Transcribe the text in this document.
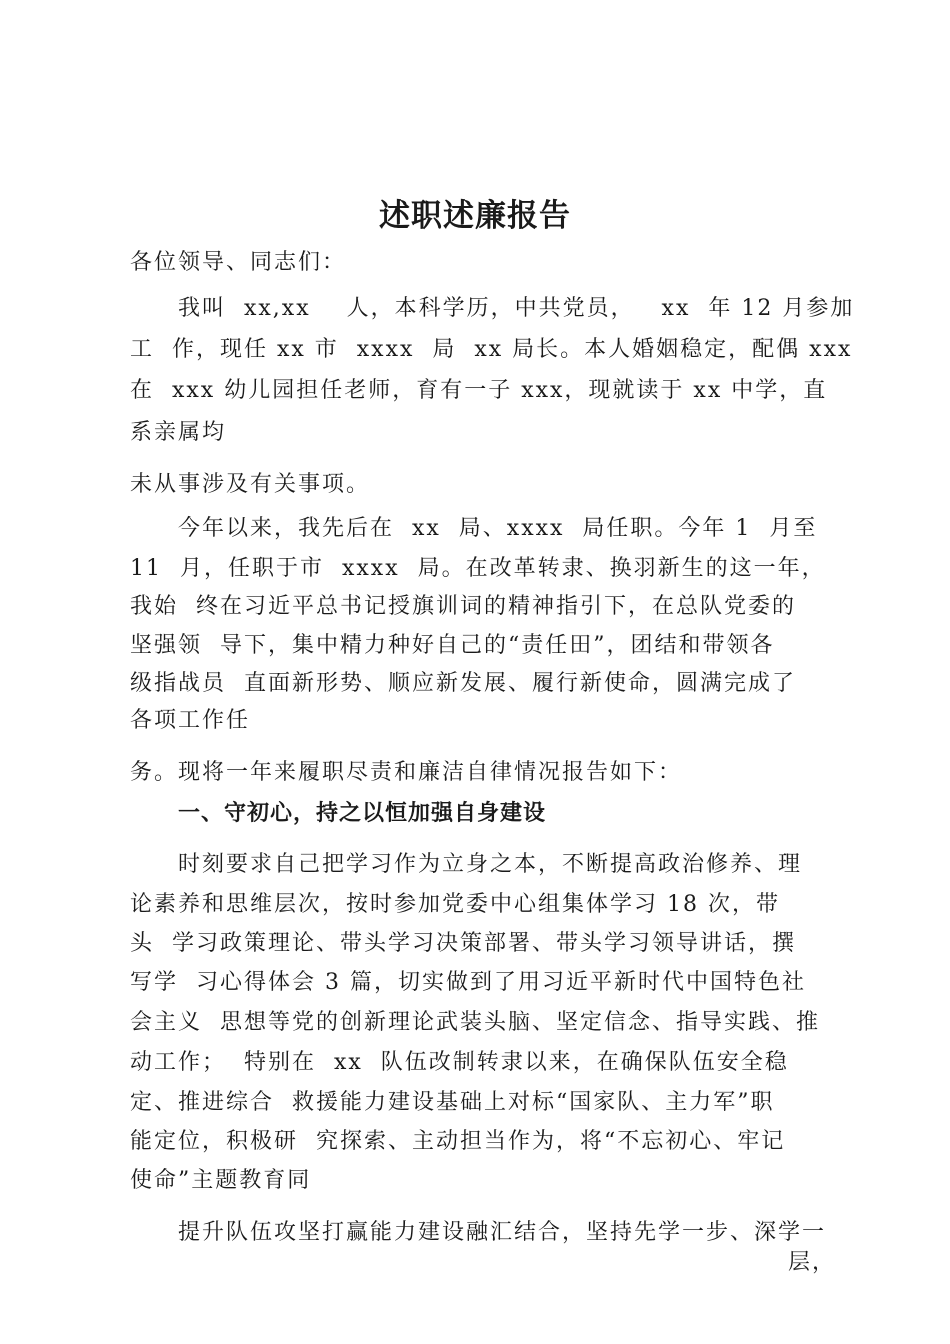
述职述廉报告
各位领导、同志们：
我叫  xx,xx    人，本科学历，中共党员，   xx  年 12 月参加
工  作，现任 xx 市  xxxx  局  xx 局长。本人婚姻稳定，配偶 xxx
在  xxx 幼儿园担任老师，育有一子 xxx，现就读于 xx 中学，直
系亲属均
未从事涉及有关事项。
今年以来，我先后在  xx  局、xxxx  局任职。今年 1  月至
11  月，任职于市  xxxx  局。在改革转隶、换羽新生的这一年，
我始  终在习近平总书记授旗训词的精神指引下，在总队党委的
坚强领  导下，集中精力种好自己的“责任田”，团结和带领各
级指战员  直面新形势、顺应新发展、履行新使命，圆满完成了
各项工作任
务。现将一年来履职尽责和廉洁自律情况报告如下：
一、守初心，持之以恒加强自身建设
时刻要求自己把学习作为立身之本，不断提高政治修养、理
论素养和思维层次，按时参加党委中心组集体学习 18 次，带
头  学习政策理论、带头学习决策部署、带头学习领导讲话，撰
写学  习心得体会 3 篇，切实做到了用习近平新时代中国特色社
会主义  思想等党的创新理论武装头脑、坚定信念、指导实践、推
动工作；  特别在  xx  队伍改制转隶以来，在确保队伍安全稳
定、推进综合  救援能力建设基础上对标“国家队、主力军”职
能定位，积极研  究探索、主动担当作为，将“不忘初心、牢记
使命”主题教育同
提升队伍攻坚打赢能力建设融汇结合，坚持先学一步、深学一
层，
